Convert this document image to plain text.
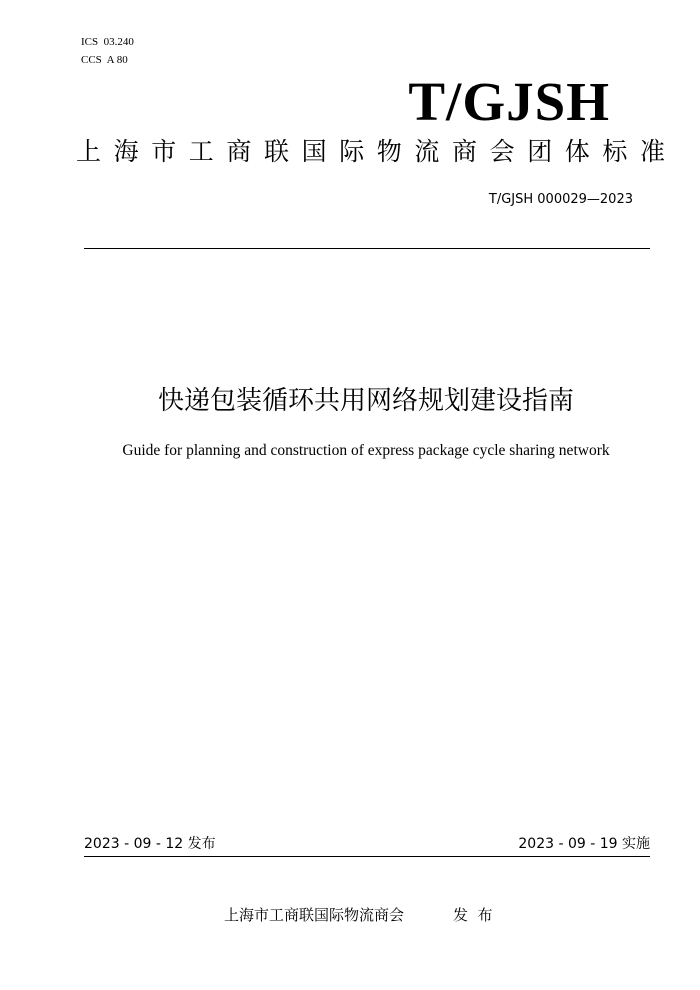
ICS  03.240
CCS  A 80
T/GJSH
上海市工商联国际物流商会团体标准
T/GJSH 000029—2023
快递包装循环共用网络规划建设指南
Guide for planning and construction of express package cycle sharing network
2023 - 09 - 12 发布	2023 - 09 - 19 实施
上海市工商联国际物流商会	发  布
